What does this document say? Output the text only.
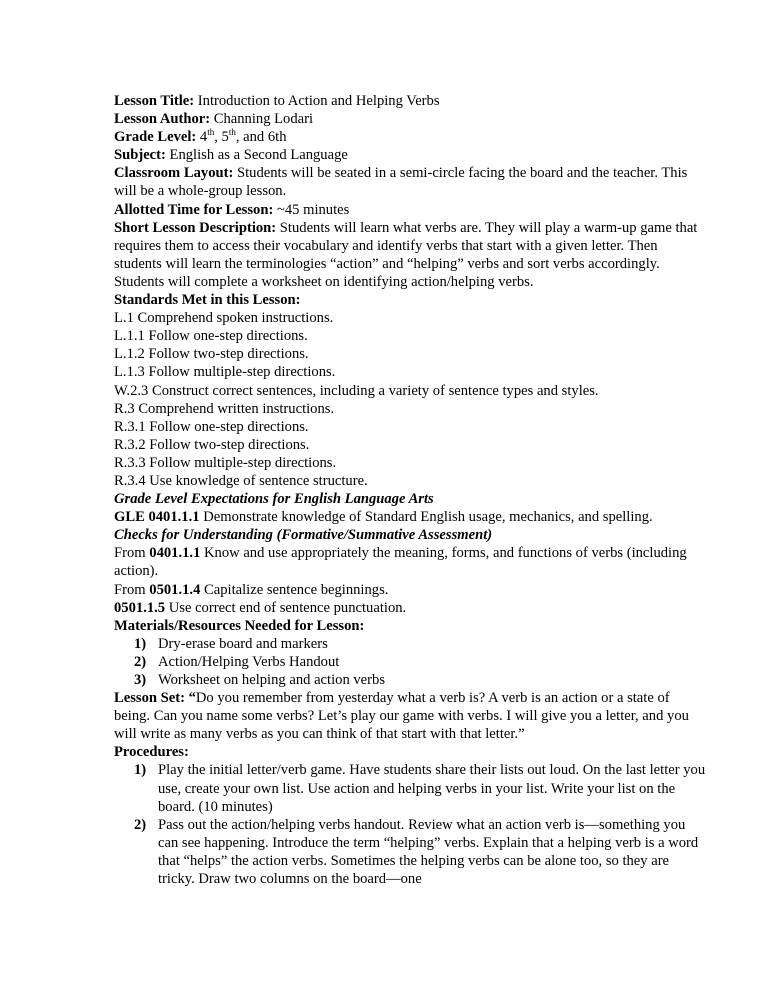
Lesson Title: Introduction to Action and Helping Verbs
Lesson Author: Channing Lodari
Grade Level: 4th, 5th, and 6th
Subject: English as a Second Language
Classroom Layout: Students will be seated in a semi-circle facing the board and the teacher. This will be a whole-group lesson.
Allotted Time for Lesson: ~45 minutes
Short Lesson Description: Students will learn what verbs are. They will play a warm-up game that requires them to access their vocabulary and identify verbs that start with a given letter. Then students will learn the terminologies “action” and “helping” verbs and sort verbs accordingly. Students will complete a worksheet on identifying action/helping verbs.
Standards Met in this Lesson:
L.1 Comprehend spoken instructions.
L.1.1 Follow one-step directions.
L.1.2 Follow two-step directions.
L.1.3 Follow multiple-step directions.
W.2.3 Construct correct sentences, including a variety of sentence types and styles.
R.3 Comprehend written instructions.
R.3.1 Follow one-step directions.
R.3.2 Follow two-step directions.
R.3.3 Follow multiple-step directions.
R.3.4 Use knowledge of sentence structure.
Grade Level Expectations for English Language Arts
GLE 0401.1.1 Demonstrate knowledge of Standard English usage, mechanics, and spelling.
Checks for Understanding (Formative/Summative Assessment)
From 0401.1.1 Know and use appropriately the meaning, forms, and functions of verbs (including action).
From 0501.1.4 Capitalize sentence beginnings.
0501.1.5 Use correct end of sentence punctuation.
Materials/Resources Needed for Lesson:
1) Dry-erase board and markers
2) Action/Helping Verbs Handout
3) Worksheet on helping and action verbs
Lesson Set: “Do you remember from yesterday what a verb is? A verb is an action or a state of being. Can you name some verbs? Let’s play our game with verbs. I will give you a letter, and you will write as many verbs as you can think of that start with that letter.”
Procedures:
1) Play the initial letter/verb game. Have students share their lists out loud. On the last letter you use, create your own list. Use action and helping verbs in your list. Write your list on the board. (10 minutes)
2) Pass out the action/helping verbs handout. Review what an action verb is—something you can see happening. Introduce the term “helping” verbs. Explain that a helping verb is a word that “helps” the action verbs. Sometimes the helping verbs can be alone too, so they are tricky. Draw two columns on the board—one
